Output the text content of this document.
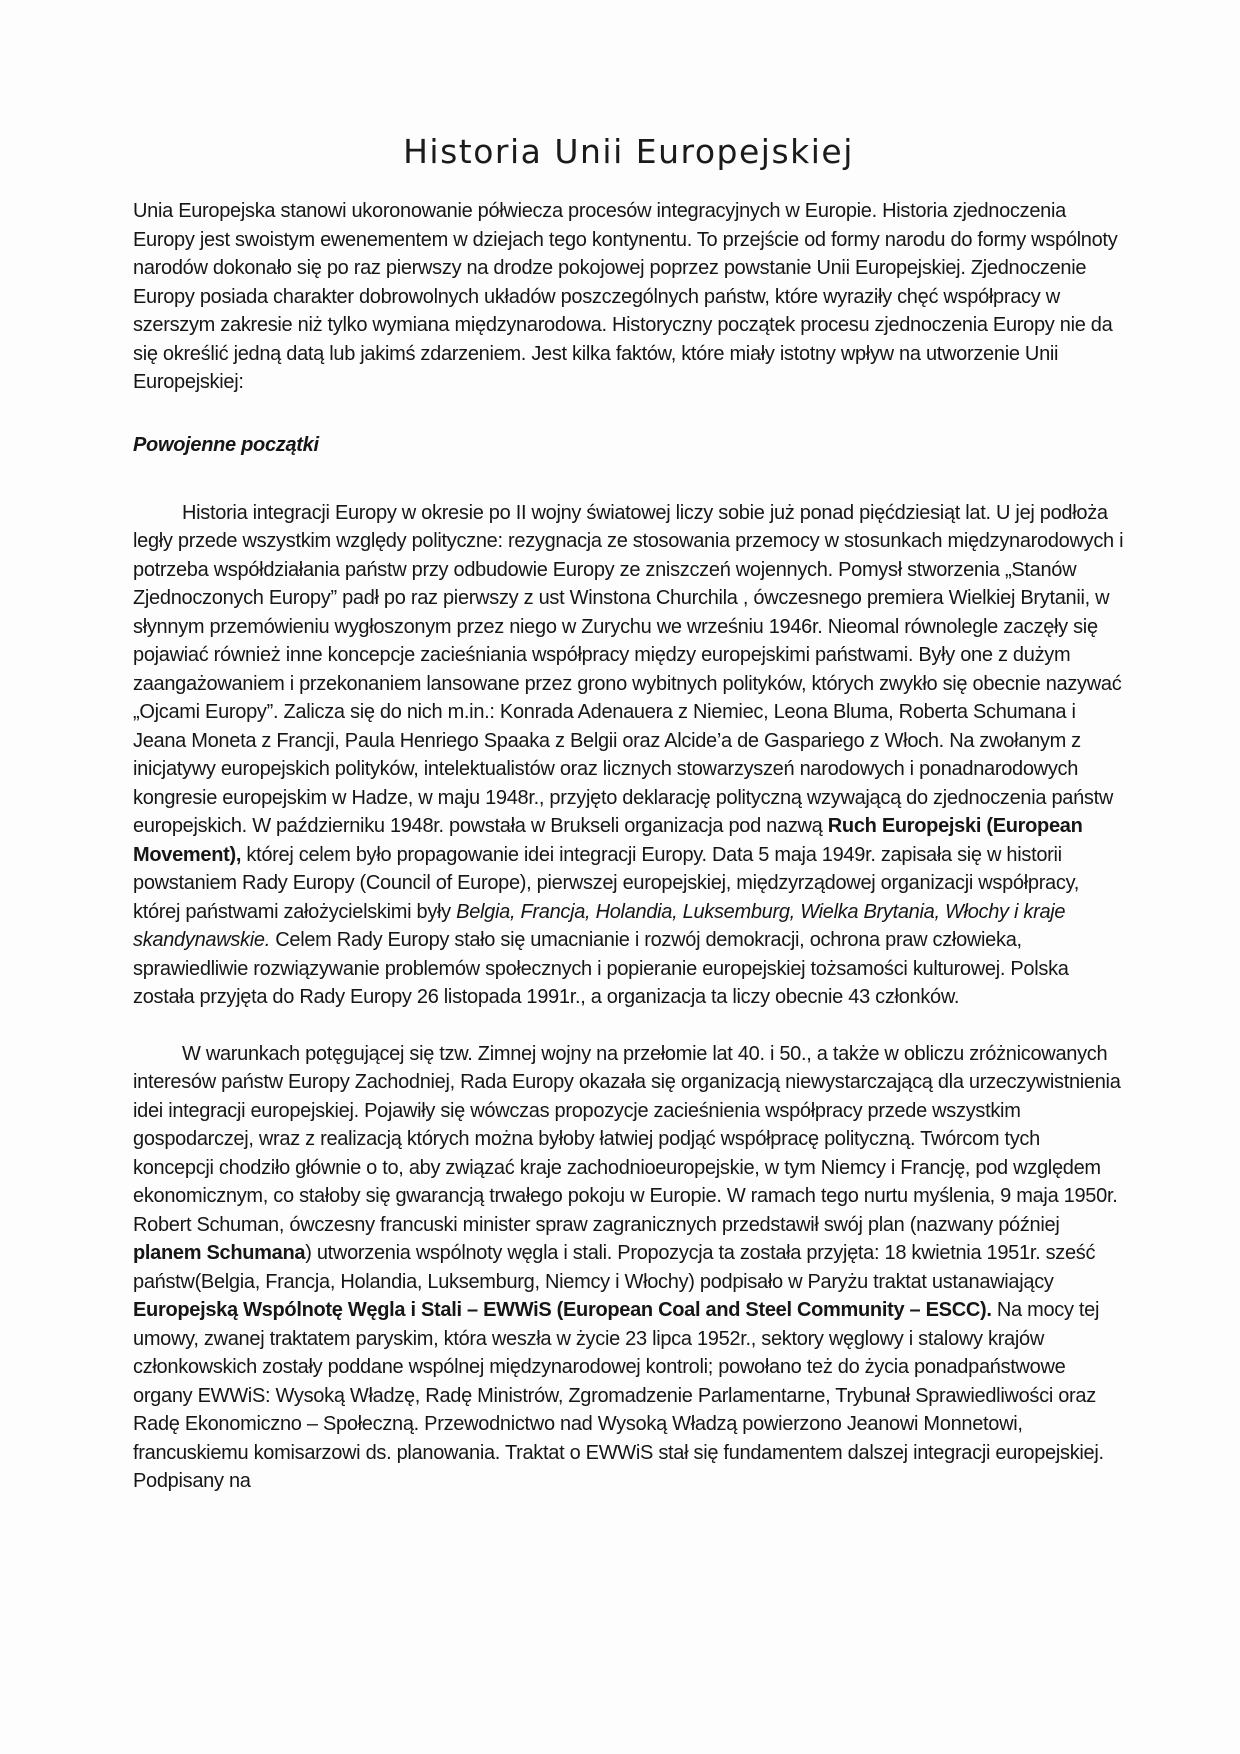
Historia Unii Europejskiej

Unia Europejska stanowi ukoronowanie półwiecza procesów integracyjnych w Europie. Historia zjednoczenia Europy jest swoistym ewenementem w dziejach tego kontynentu. To przejście od formy narodu do formy wspólnoty narodów dokonało się po raz pierwszy na drodze pokojowej poprzez powstanie Unii Europejskiej. Zjednoczenie Europy posiada charakter dobrowolnych układów poszczególnych państw, które wyraziły chęć współpracy w szerszym zakresie niż tylko wymiana międzynarodowa. Historyczny początek procesu zjednoczenia Europy nie da się określić jedną datą lub jakimś zdarzeniem. Jest kilka faktów, które miały istotny wpływ na utworzenie Unii Europejskiej:

Powojenne początki

Historia integracji Europy w okresie po II wojny światowej liczy sobie już ponad pięćdziesiąt lat. U jej podłoża legły przede wszystkim względy polityczne: rezygnacja ze stosowania przemocy w stosunkach międzynarodowych i potrzeba współdziałania państw przy odbudowie Europy ze zniszczeń wojennych. Pomysł stworzenia „Stanów Zjednoczonych Europy” padł po raz pierwszy z ust Winstona Churchila , ówczesnego premiera Wielkiej Brytanii, w słynnym przemówieniu wygłoszonym przez niego w Zurychu we wrześniu 1946r. Nieomal równolegle zaczęły się pojawiać również inne koncepcje zacieśniania współpracy między europejskimi państwami. Były one z dużym zaangażowaniem i przekonaniem lansowane przez grono wybitnych polityków, których zwykło się obecnie nazywać „Ojcami Europy”. Zalicza się do nich m.in.: Konrada Adenauera z Niemiec, Leona Bluma, Roberta Schumana i Jeana Moneta z Francji, Paula Henriego Spaaka z Belgii oraz Alcide’a de Gaspariego z Włoch. Na zwołanym z inicjatywy europejskich polityków, intelektualistów oraz licznych stowarzyszeń narodowych i ponadnarodowych kongresie europejskim w Hadze, w maju 1948r., przyjęto deklarację polityczną wzywającą do zjednoczenia państw europejskich. W październiku 1948r. powstała w Brukseli organizacja pod nazwą Ruch Europejski (European Movement), której celem było propagowanie idei integracji Europy. Data 5 maja 1949r. zapisała się w historii powstaniem Rady Europy (Council of Europe), pierwszej europejskiej, międzyrządowej organizacji współpracy, której państwami założycielskimi były Belgia, Francja, Holandia, Luksemburg, Wielka Brytania, Włochy i kraje skandynawskie. Celem Rady Europy stało się umacnianie i rozwój demokracji, ochrona praw człowieka, sprawiedliwie rozwiązywanie problemów społecznych i popieranie europejskiej tożsamości kulturowej. Polska została przyjęta do Rady Europy 26 listopada 1991r., a organizacja ta liczy obecnie 43 członków.

W warunkach potęgującej się tzw. Zimnej wojny na przełomie lat 40. i 50., a także w obliczu zróżnicowanych interesów państw Europy Zachodniej, Rada Europy okazała się organizacją niewystarczającą dla urzeczywistnienia idei integracji europejskiej. Pojawiły się wówczas propozycje zacieśnienia współpracy przede wszystkim gospodarczej, wraz z realizacją których można byłoby łatwiej podjąć współpracę polityczną. Twórcom tych koncepcji chodziło głównie o to, aby związać kraje zachodnioeuropejskie, w tym Niemcy i Francję, pod względem ekonomicznym, co stałoby się gwarancją trwałego pokoju w Europie. W ramach tego nurtu myślenia, 9 maja 1950r. Robert Schuman, ówczesny francuski minister spraw zagranicznych przedstawił swój plan (nazwany później planem Schumana) utworzenia wspólnoty węgla i stali. Propozycja ta została przyjęta: 18 kwietnia 1951r. sześć państw(Belgia, Francja, Holandia, Luksemburg, Niemcy i Włochy) podpisało w Paryżu traktat ustanawiający Europejską Wspólnotę Węgla i Stali – EWWiS (European Coal and Steel Community – ESCC). Na mocy tej umowy, zwanej traktatem paryskim, która weszła w życie 23 lipca 1952r., sektory węglowy i stalowy krajów członkowskich zostały poddane wspólnej międzynarodowej kontroli; powołano też do życia ponadpaństwowe organy EWWiS: Wysoką Władzę, Radę Ministrów, Zgromadzenie Parlamentarne, Trybunał Sprawiedliwości oraz Radę Ekonomiczno – Społeczną. Przewodnictwo nad Wysoką Władzą powierzono Jeanowi Monnetowi, francuskiemu komisarzowi ds. planowania. Traktat o EWWiS stał się fundamentem dalszej integracji europejskiej. Podpisany na
